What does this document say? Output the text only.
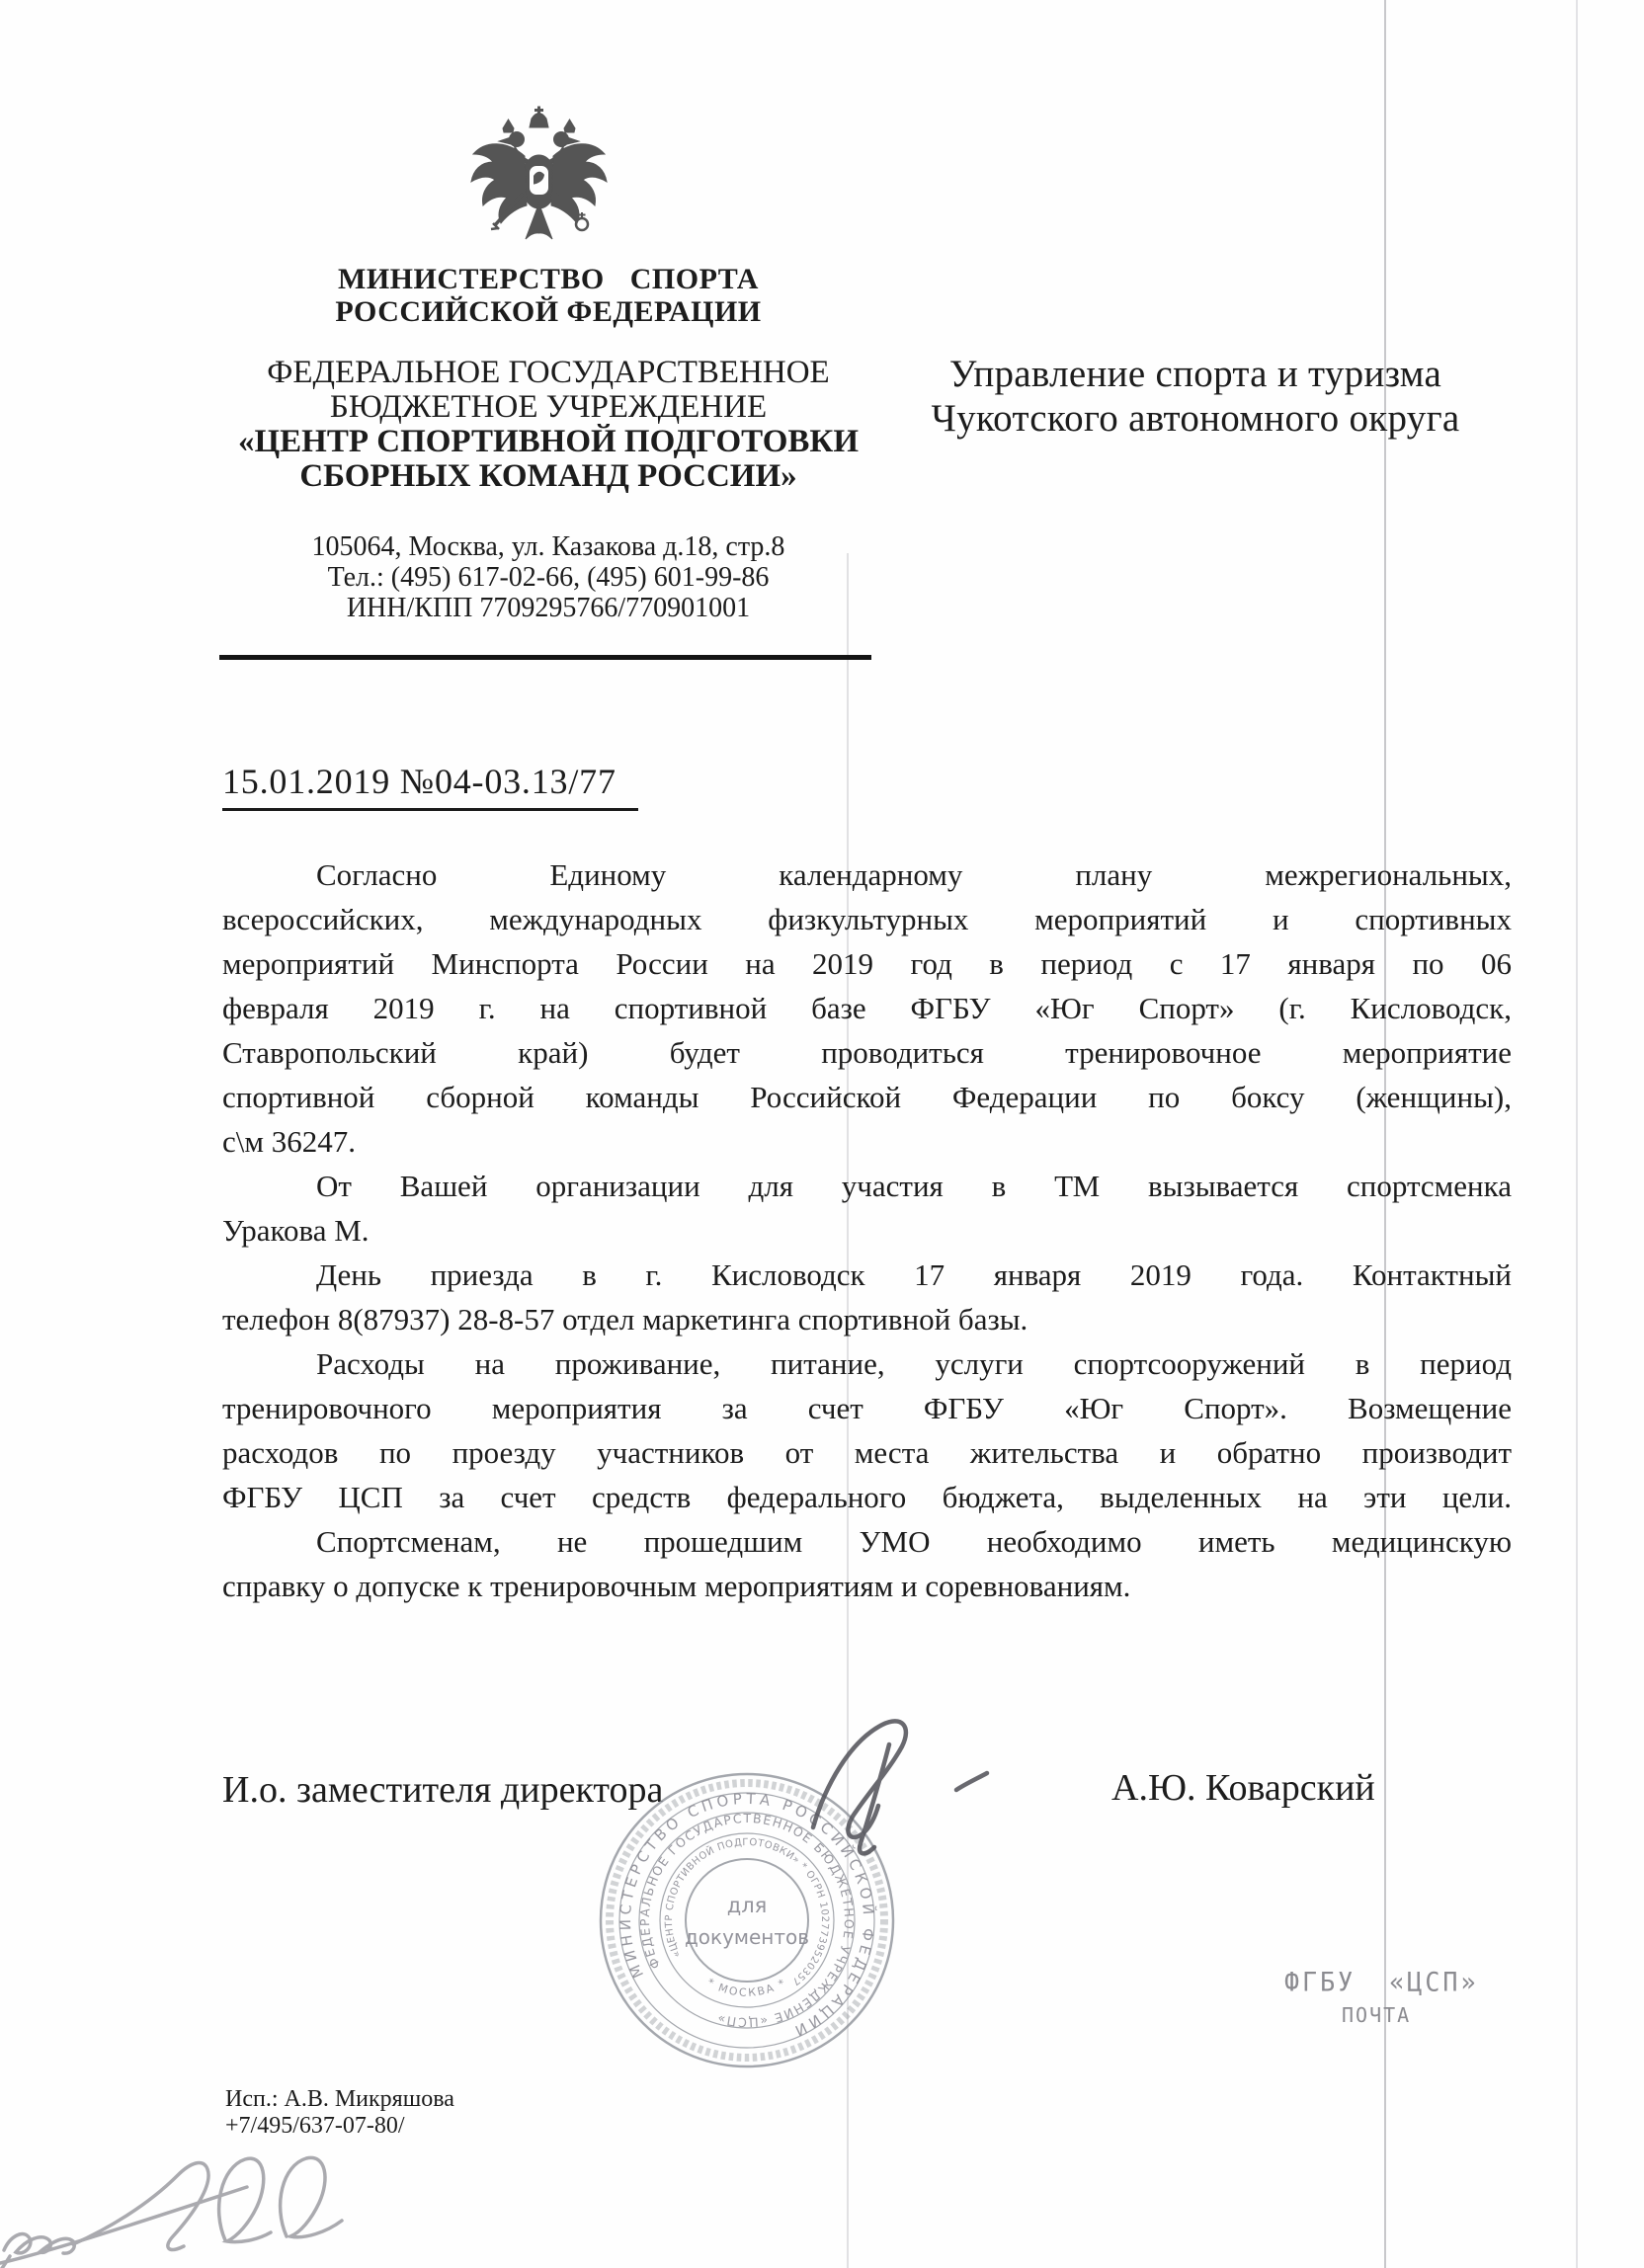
МИНИСТЕРСТВО СПОРТА
РОССИЙСКОЙ ФЕДЕРАЦИИ
ФЕДЕРАЛЬНОЕ ГОСУДАРСТВЕННОЕ
БЮДЖЕТНОЕ УЧРЕЖДЕНИЕ
«ЦЕНТР СПОРТИВНОЙ ПОДГОТОВКИ
СБОРНЫХ КОМАНД РОССИИ»
105064, Москва, ул. Казакова д.18, стр.8
Тел.: (495) 617-02-66, (495) 601-99-86
ИНН/КПП 7709295766/770901001
Управление спорта и туризма
Чукотского автономного округа
15.01.2019 №04-03.13/77
Согласно Единому календарному плану межрегиональных,
всероссийских, международных физкультурных мероприятий и спортивных
мероприятий Минспорта России на 2019 год в период с 17 января по 06
февраля 2019 г. на спортивной базе ФГБУ «Юг Спорт» (г. Кисловодск,
Ставропольский край) будет проводиться тренировочное мероприятие
спортивной сборной команды Российской Федерации по боксу (женщины),
с\м 36247.
От Вашей организации для участия в ТМ вызывается спортсменка
Уракова М.
День приезда в г. Кисловодск 17 января 2019 года. Контактный
телефон 8(87937) 28-8-57 отдел маркетинга спортивной базы.
Расходы на проживание, питание, услуги спортсооружений в период
тренировочного мероприятия за счет ФГБУ «Юг Спорт». Возмещение
расходов по проезду участников от места жительства и обратно производит
ФГБУ ЦСП за счет средств федерального бюджета, выделенных на эти цели.
Спортсменам, не прошедшим УМО необходимо иметь медицинскую
справку о допуске к тренировочным мероприятиям и соревнованиям.
И.о. заместителя директора	А.Ю. Коварский
МИНИСТЕРСТВО СПОРТА РОССИЙСКОЙ ФЕДЕРАЦИИ
ФЕДЕРАЛЬНОЕ ГОСУДАРСТВЕННОЕ БЮДЖЕТНОЕ УЧРЕЖДЕНИЕ «ЦСП»
«ЦЕНТР СПОРТИВНОЙ ПОДГОТОВКИ» * ОГРН 1027739520357
* МОСКВА *
для
документов
ФГБУ «ЦСП»
ПОЧТА
Исп.: А.В. Микряшова
+7/495/637-07-80/
